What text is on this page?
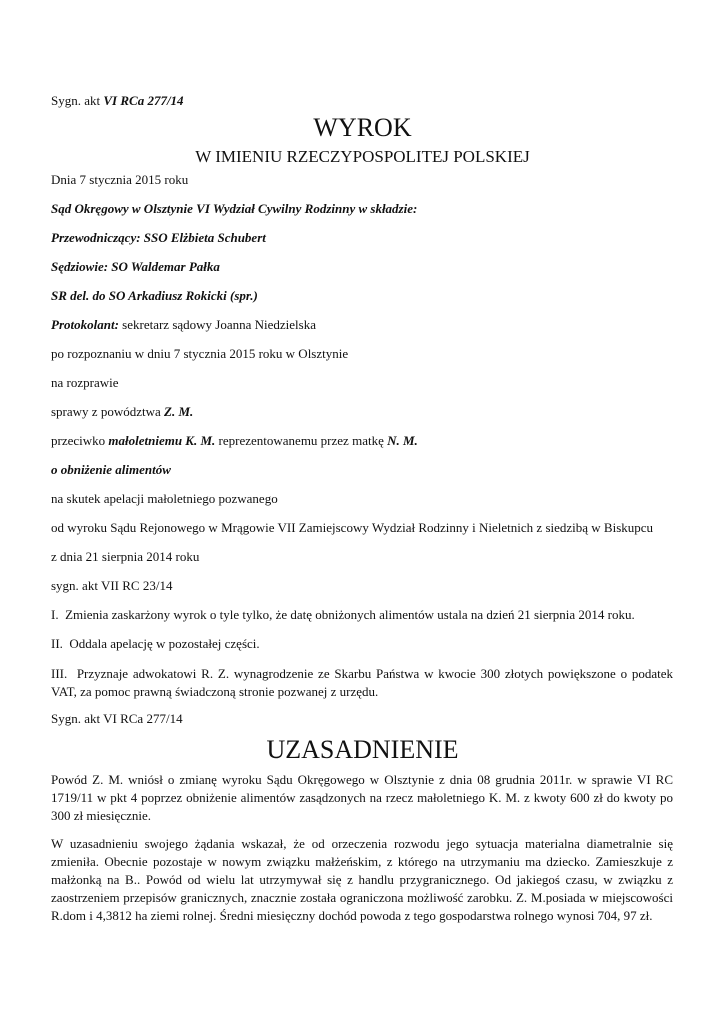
Sygn. akt VI RCa 277/14
WYROK
W IMIENIU RZECZYPOSPOLITEJ POLSKIEJ
Dnia 7 stycznia 2015 roku
Sąd Okręgowy w Olsztynie VI Wydział Cywilny Rodzinny w składzie:
Przewodniczący: SSO Elżbieta Schubert
Sędziowie: SO Waldemar Pałka
SR del. do SO Arkadiusz Rokicki (spr.)
Protokolant: sekretarz sądowy Joanna Niedzielska
po rozpoznaniu w dniu 7 stycznia 2015 roku w Olsztynie
na rozprawie
sprawy z powództwa Z. M.
przeciwko małoletniemu K. M. reprezentowanemu przez matkę N. M.
o obniżenie alimentów
na skutek apelacji małoletniego pozwanego
od wyroku Sądu Rejonowego w Mrągowie VII Zamiejscowy Wydział Rodzinny i Nieletnich z siedzibą w Biskupcu
z dnia 21 sierpnia 2014 roku
sygn. akt VII RC 23/14
I. Zmienia zaskarżony wyrok o tyle tylko, że datę obniżonych alimentów ustala na dzień 21 sierpnia 2014 roku.
II. Oddala apelację w pozostałej części.
III. Przyznaje adwokatowi R. Z. wynagrodzenie ze Skarbu Państwa w kwocie 300 złotych powiększone o podatek VAT, za pomoc prawną świadczoną stronie pozwanej z urzędu.
Sygn. akt VI RCa 277/14
UZASADNIENIE
Powód Z. M. wniósł o zmianę wyroku Sądu Okręgowego w Olsztynie z dnia 08 grudnia 2011r. w sprawie VI RC 1719/11 w pkt 4 poprzez obniżenie alimentów zasądzonych na rzecz małoletniego K. M. z kwoty 600 zł do kwoty po 300 zł miesięcznie.
W uzasadnieniu swojego żądania wskazał, że od orzeczenia rozwodu jego sytuacja materialna diametralnie się zmieniła. Obecnie pozostaje w nowym związku małżeńskim, z którego na utrzymaniu ma dziecko. Zamieszkuje z małżonką na B.. Powód od wielu lat utrzymywał się z handlu przygranicznego. Od jakiegoś czasu, w związku z zaostrzeniem przepisów granicznych, znacznie została ograniczona możliwość zarobku. Z. M.posiada w miejscowości R.dom i 4,3812 ha ziemi rolnej. Średni miesięczny dochód powoda z tego gospodarstwa rolnego wynosi 704, 97 zł.
